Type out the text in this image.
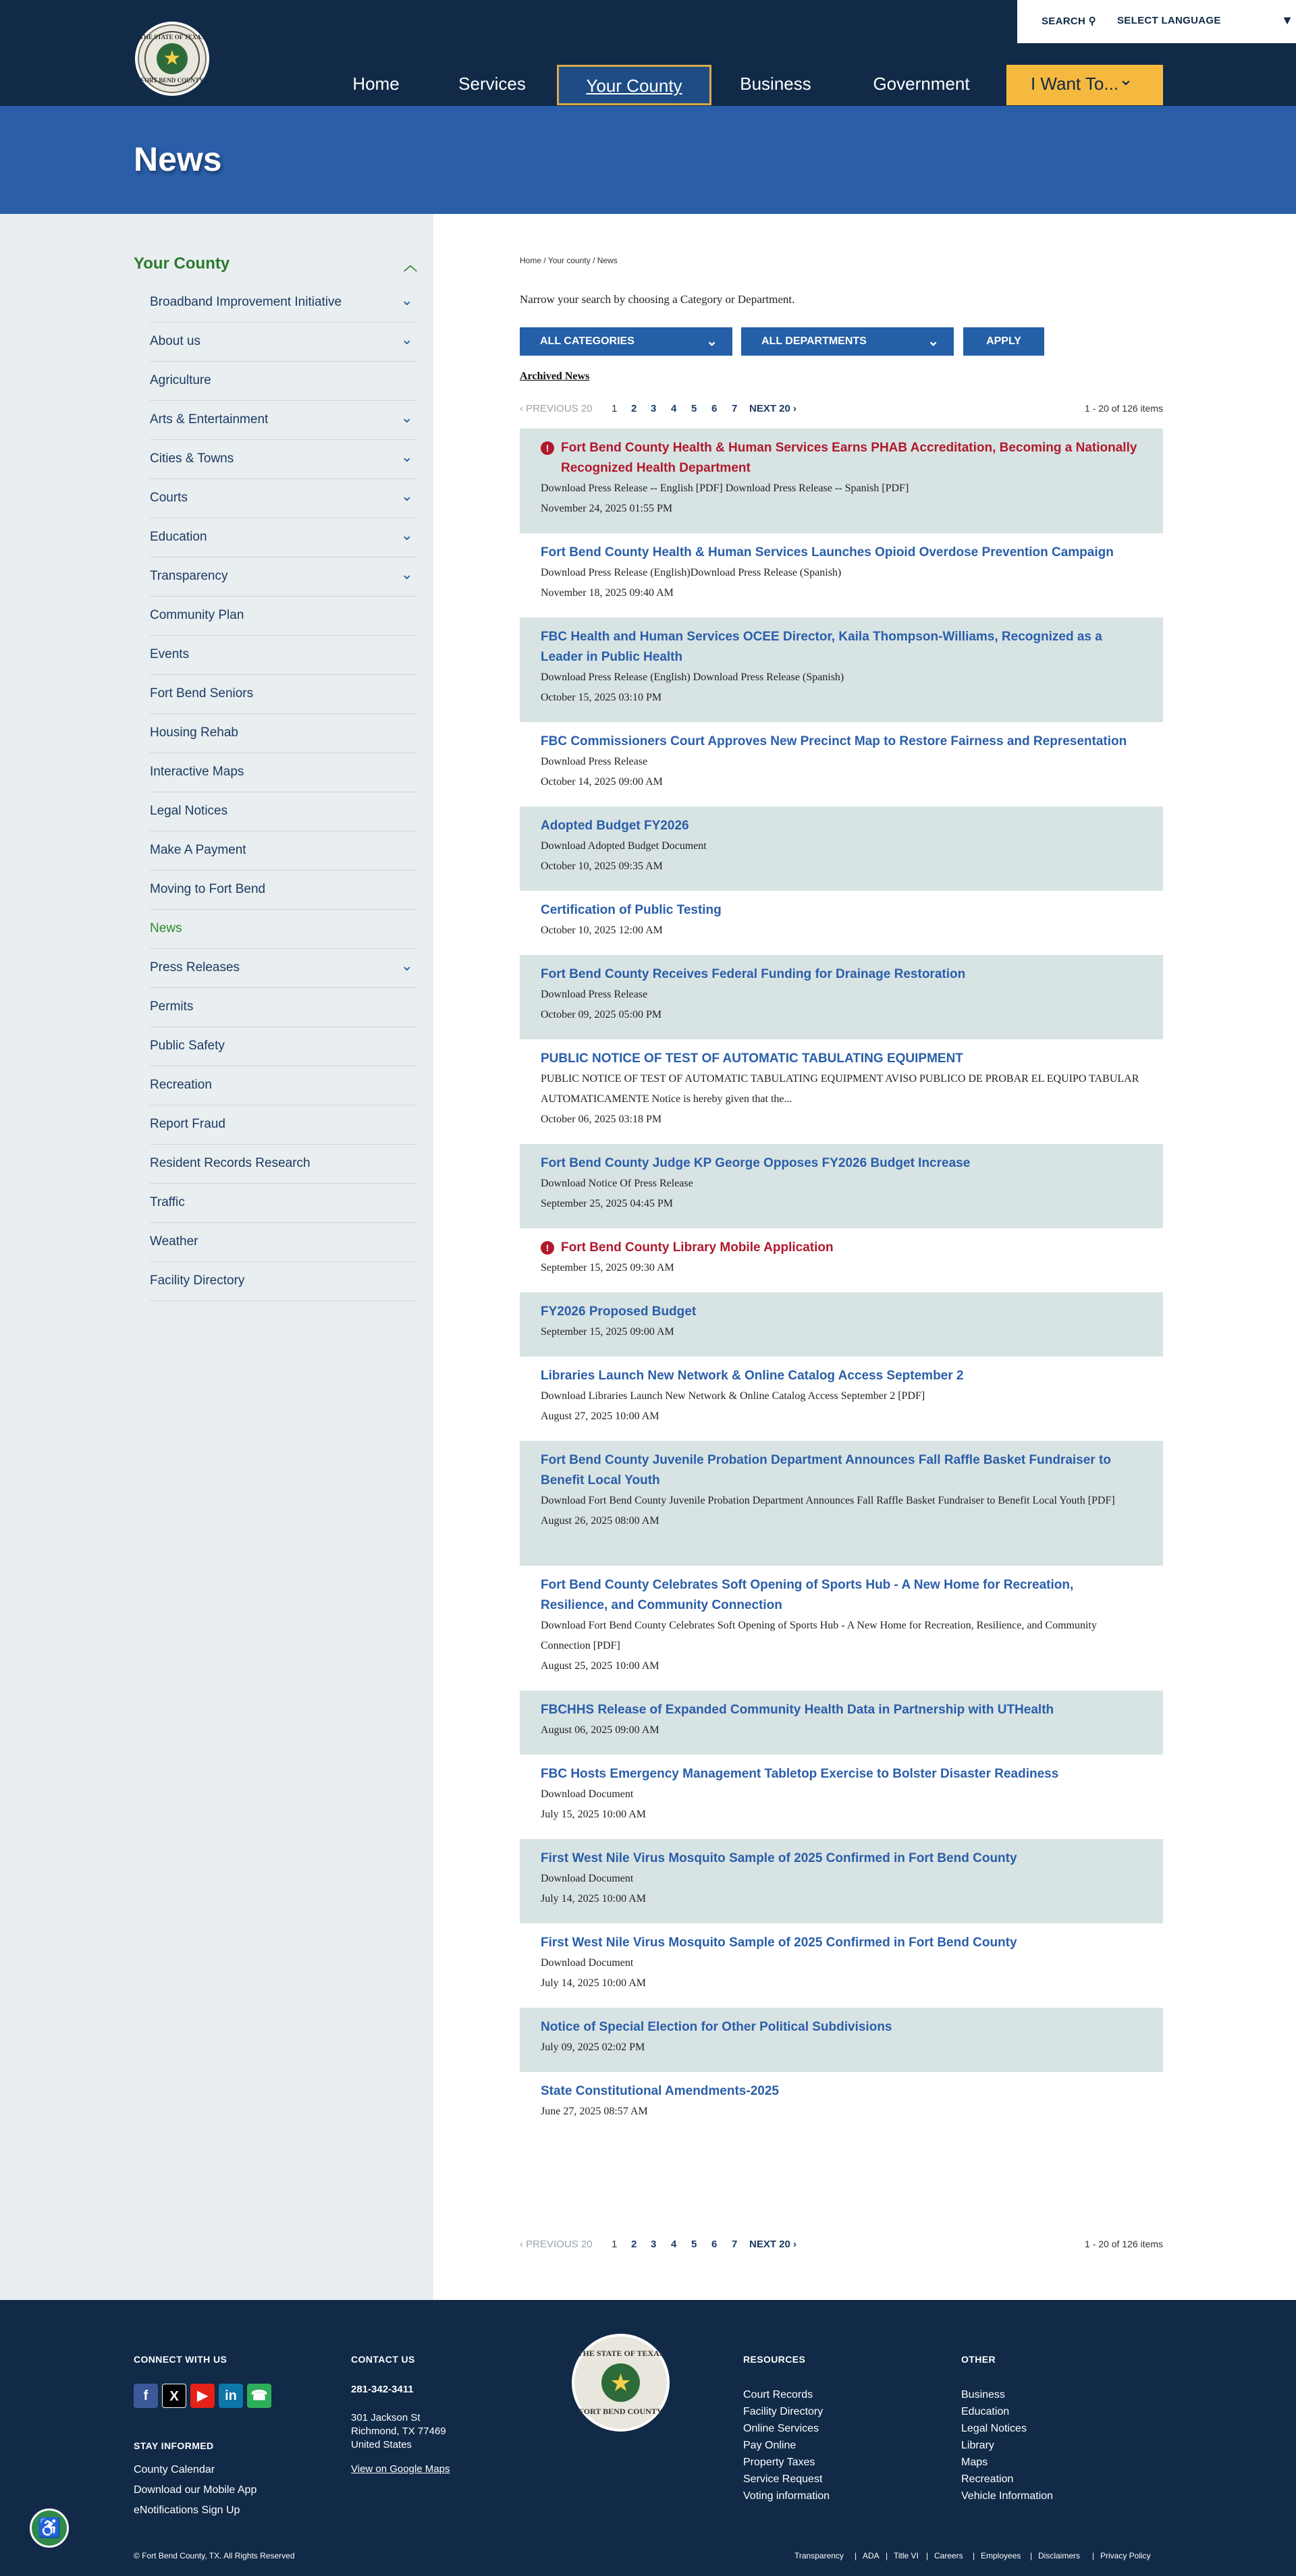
THE STATE OF TEXAS
★
FORT BEND COUNTY
SEARCH ⚲ SELECT LANGUAGE	▼
Home	Services	Your County	Business	Government	I Want To... ⌄
News
Your County	︿
Broadband Improvement Initiative	⌄
About us	⌄
Agriculture
Arts & Entertainment	⌄
Cities & Towns	⌄
Courts	⌄
Education	⌄
Transparency	⌄
Community Plan
Events
Fort Bend Seniors
Housing Rehab
Interactive Maps
Legal Notices
Make A Payment
Moving to Fort Bend
News
Press Releases	⌄
Permits
Public Safety
Recreation
Report Fraud
Resident Records Research
Traffic
Weather
Facility Directory
Home / Your county / News
Narrow your search by choosing a Category or Department.
ALL CATEGORIES	⌄	ALL DEPARTMENTS	⌄	APPLY
Archived News
‹ PREVIOUS 20 1 2 3 4 5 6 7 NEXT 20 ›	1 - 20 of 126 items
‹ PREVIOUS 20 1 2 3 4 5 6 7 NEXT 20 ›	1 - 20 of 126 items
! Fort Bend County Health & Human Services Earns PHAB Accreditation, Becoming a Nationally Recognized Health Department
Download Press Release -- English [PDF] Download Press Release -- Spanish [PDF]
November 24, 2025 01:55 PM
Fort Bend County Health & Human Services Launches Opioid Overdose Prevention Campaign
Download Press Release (English)Download Press Release (Spanish)
November 18, 2025 09:40 AM
FBC Health and Human Services OCEE Director, Kaila Thompson-Williams, Recognized as a Leader in Public Health
Download Press Release (English) Download Press Release (Spanish)
October 15, 2025 03:10 PM
FBC Commissioners Court Approves New Precinct Map to Restore Fairness and Representation
Download Press Release
October 14, 2025 09:00 AM
Adopted Budget FY2026
Download Adopted Budget Document
October 10, 2025 09:35 AM
Certification of Public Testing
October 10, 2025 12:00 AM
Fort Bend County Receives Federal Funding for Drainage Restoration
Download Press Release
October 09, 2025 05:00 PM
PUBLIC NOTICE OF TEST OF AUTOMATIC TABULATING EQUIPMENT
PUBLIC NOTICE OF TEST OF AUTOMATIC TABULATING EQUIPMENT AVISO PUBLICO DE PROBAR EL EQUIPO TABULAR AUTOMATICAMENTE Notice is hereby given that the...
October 06, 2025 03:18 PM
Fort Bend County Judge KP George Opposes FY2026 Budget Increase
Download Notice Of Press Release
September 25, 2025 04:45 PM
! Fort Bend County Library Mobile Application
September 15, 2025 09:30 AM
FY2026 Proposed Budget
September 15, 2025 09:00 AM
Libraries Launch New Network & Online Catalog Access September 2
Download Libraries Launch New Network & Online Catalog Access September 2 [PDF]
August 27, 2025 10:00 AM
Fort Bend County Juvenile Probation Department Announces Fall Raffle Basket Fundraiser to Benefit Local Youth
Download Fort Bend County Juvenile Probation Department Announces Fall Raffle Basket Fundraiser to Benefit Local Youth [PDF]
August 26, 2025 08:00 AM
Fort Bend County Celebrates Soft Opening of Sports Hub - A New Home for Recreation, Resilience, and Community Connection
Download Fort Bend County Celebrates Soft Opening of Sports Hub - A New Home for Recreation, Resilience, and Community Connection [PDF]
August 25, 2025 10:00 AM
FBCHHS Release of Expanded Community Health Data in Partnership with UTHealth
August 06, 2025 09:00 AM
FBC Hosts Emergency Management Tabletop Exercise to Bolster Disaster Readiness
Download Document
July 15, 2025 10:00 AM
First West Nile Virus Mosquito Sample of 2025 Confirmed in Fort Bend County
Download Document
July 14, 2025 10:00 AM
First West Nile Virus Mosquito Sample of 2025 Confirmed in Fort Bend County
Download Document
July 14, 2025 10:00 AM
Notice of Special Election for Other Political Subdivisions
July 09, 2025 02:02 PM
State Constitutional Amendments-2025
June 27, 2025 08:57 AM
CONNECT WITH US
STAY INFORMED
CONTACT US
281-342-3411
301 Jackson St
Richmond, TX 77469
United States
View on Google Maps
THE STATE OF TEXAS
★
FORT BEND COUNTY
RESOURCES	OTHER
♿
© Fort Bend County, TX. All Rights Reserved
f	X	▶	in	☎
County Calendar
Download our Mobile App
eNotifications Sign Up
Court Records
Facility Directory
Online Services
Pay Online
Property Taxes
Service Request
Voting information
Business
Education
Legal Notices
Library
Maps
Recreation
Vehicle Information
Transparency ADA
|	Title VI
|	Careers
|	Employees
|	Disclaimers
|	Privacy Policy
|
